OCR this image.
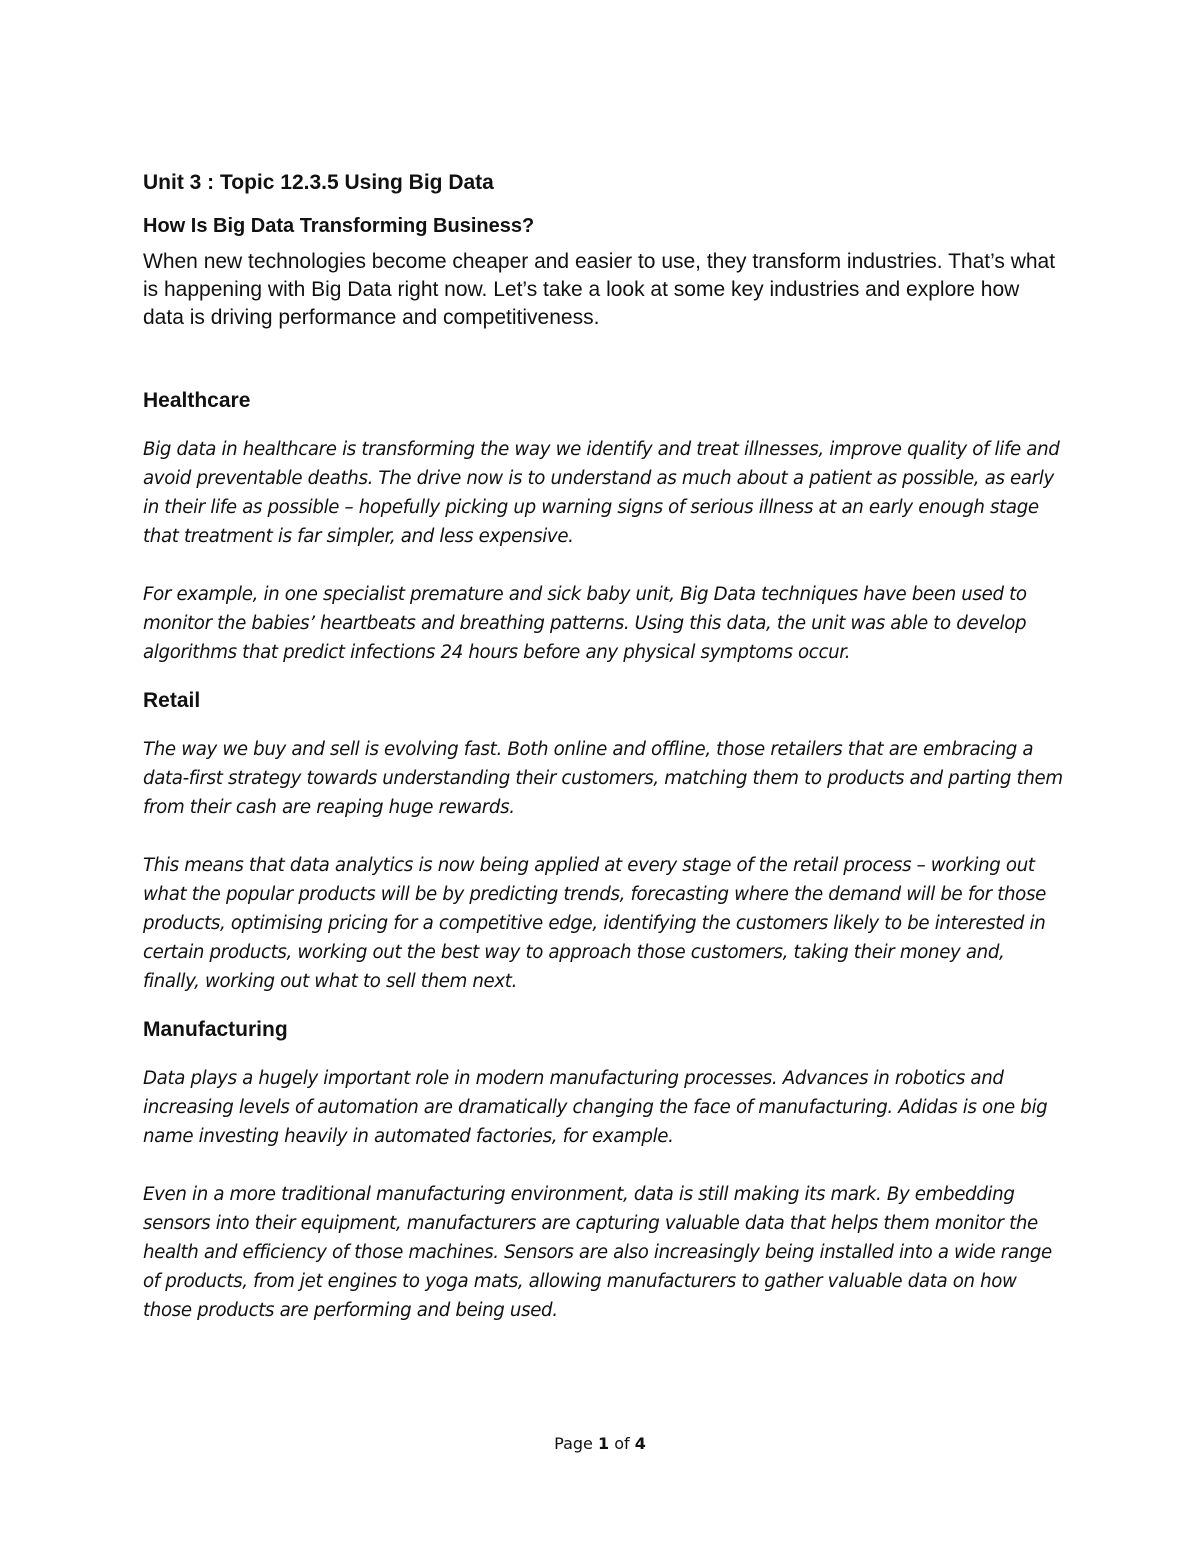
Unit 3 : Topic 12.3.5 Using Big Data
How Is Big Data Transforming Business?
When new technologies become cheaper and easier to use, they transform industries. That’s what is happening with Big Data right now. Let’s take a look at some key industries and explore how data is driving performance and competitiveness.
Healthcare
Big data in healthcare is transforming the way we identify and treat illnesses, improve quality of life and avoid preventable deaths. The drive now is to understand as much about a patient as possible, as early in their life as possible – hopefully picking up warning signs of serious illness at an early enough stage that treatment is far simpler, and less expensive.
For example, in one specialist premature and sick baby unit, Big Data techniques have been used to monitor the babies’ heartbeats and breathing patterns. Using this data, the unit was able to develop algorithms that predict infections 24 hours before any physical symptoms occur.
Retail
The way we buy and sell is evolving fast. Both online and offline, those retailers that are embracing a data-first strategy towards understanding their customers, matching them to products and parting them from their cash are reaping huge rewards.
This means that data analytics is now being applied at every stage of the retail process – working out what the popular products will be by predicting trends, forecasting where the demand will be for those products, optimising pricing for a competitive edge, identifying the customers likely to be interested in certain products, working out the best way to approach those customers, taking their money and, finally, working out what to sell them next.
Manufacturing
Data plays a hugely important role in modern manufacturing processes. Advances in robotics and increasing levels of automation are dramatically changing the face of manufacturing. Adidas is one big name investing heavily in automated factories, for example.
Even in a more traditional manufacturing environment, data is still making its mark. By embedding sensors into their equipment, manufacturers are capturing valuable data that helps them monitor the health and efficiency of those machines. Sensors are also increasingly being installed into a wide range of products, from jet engines to yoga mats, allowing manufacturers to gather valuable data on how those products are performing and being used.
Page 1 of 4
